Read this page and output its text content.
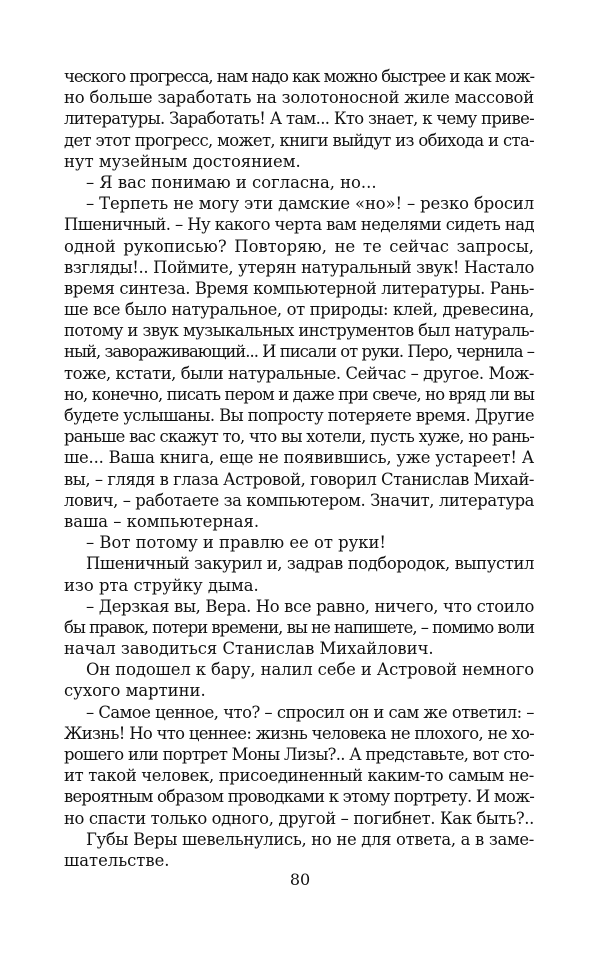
ческого прогресса, нам надо как можно быстрее и как мож-
но больше заработать на золотоносной жиле массовой
литературы. Заработать! А там... Кто знает, к чему приве-
дет этот прогресс, может, книги выйдут из обихода и ста-
нут музейным достоянием.
– Я вас понимаю и согласна, но...
– Терпеть не могу эти дамские «но»! – резко бросил
Пшеничный. – Ну какого черта вам неделями сидеть над
одной рукописью? Повторяю, не те сейчас запросы,
взгляды!.. Поймите, утерян натуральный звук! Настало
время синтеза. Время компьютерной литературы. Рань-
ше все было натуральное, от природы: клей, древесина,
потому и звук музыкальных инструментов был натураль-
ный, завораживающий... И писали от руки. Перо, чернила –
тоже, кстати, были натуральные. Сейчас – другое. Мож-
но, конечно, писать пером и даже при свече, но вряд ли вы
будете услышаны. Вы попросту потеряете время. Другие
раньше вас скажут то, что вы хотели, пусть хуже, но рань-
ше... Ваша книга, еще не появившись, уже устареет! А
вы, – глядя в глаза Астровой, говорил Станислав Михай-
лович, – работаете за компьютером. Значит, литература
ваша – компьютерная.
– Вот потому и правлю ее от руки!
Пшеничный закурил и, задрав подбородок, выпустил
изо рта струйку дыма.
– Дерзкая вы, Вера. Но все равно, ничего, что стоило
бы правок, потери времени, вы не напишете, – помимо воли
начал заводиться Станислав Михайлович.
Он подошел к бару, налил себе и Астровой немного
сухого мартини.
– Самое ценное, что? – спросил он и сам же ответил: –
Жизнь! Но что ценнее: жизнь человека не плохого, не хо-
рошего или портрет Моны Лизы?.. А представьте, вот сто-
ит такой человек, присоединенный каким-то самым не-
вероятным образом проводками к этому портрету. И мож-
но спасти только одного, другой – погибнет. Как быть?..
Губы Веры шевельнулись, но не для ответа, а в заме-
шательстве.
80
